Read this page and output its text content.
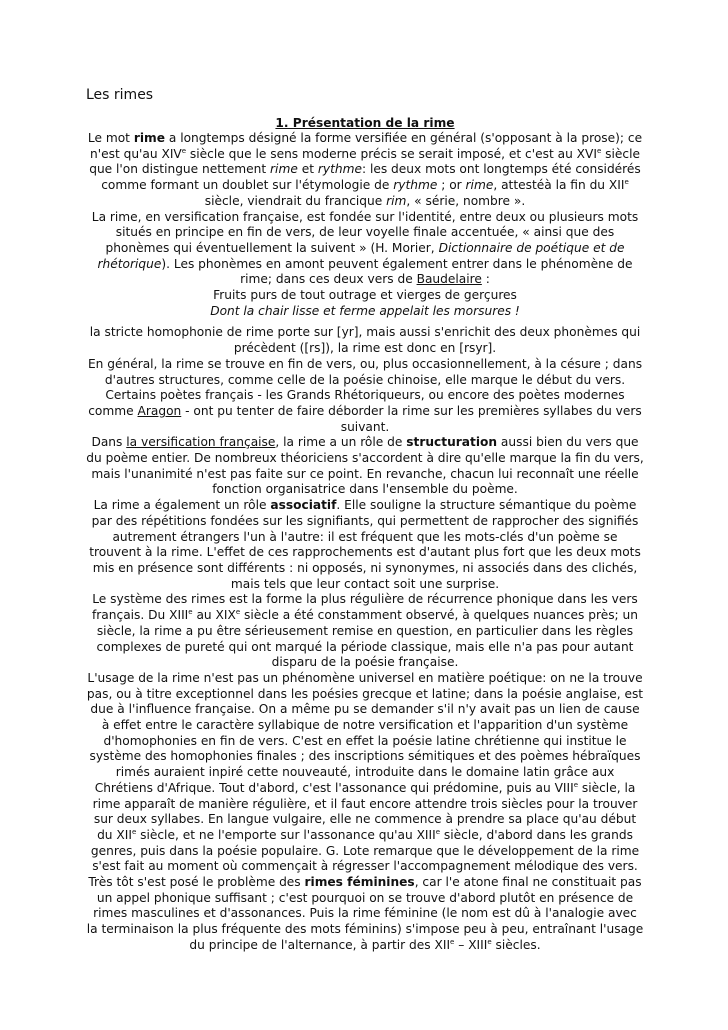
Les rimes
1. Présentation de la rime

Le mot rime a longtemps désigné la forme versifiée en général (s'opposant à la prose); ce n'est qu'au XIVe siècle que le sens moderne précis se serait imposé, et c'est au XVIe siècle que l'on distingue nettement rime et rythme: les deux mots ont longtemps été considérés comme formant un doublet sur l'étymologie de rythme ; or rime, attestéà la fin du XIIe siècle, viendrait du francique rim, « série, nombre ».

La rime, en versification française, est fondée sur l'identité, entre deux ou plusieurs mots situés en principe en fin de vers, de leur voyelle finale accentuée, « ainsi que des phonèmes qui éventuellement la suivent » (H. Morier, Dictionnaire de poétique et de rhétorique). Les phonèmes en amont peuvent également entrer dans le phénomène de rime; dans ces deux vers de Baudelaire :

Fruits purs de tout outrage et vierges de gerçures
Dont la chair lisse et ferme appelait les morsures !

la stricte homophonie de rime porte sur [yr], mais aussi s'enrichit des deux phonèmes qui précèdent ([rs]), la rime est donc en [rsyr].

En général, la rime se trouve en fin de vers, ou, plus occasionnellement, à la césure ; dans d'autres structures, comme celle de la poésie chinoise, elle marque le début du vers. Certains poètes français - les Grands Rhétoriqueurs, ou encore des poètes modernes comme Aragon - ont pu tenter de faire déborder la rime sur les premières syllabes du vers suivant.

Dans la versification française, la rime a un rôle de structuration aussi bien du vers que du poème entier. De nombreux théoriciens s'accordent à dire qu'elle marque la fin du vers, mais l'unanimité n'est pas faite sur ce point. En revanche, chacun lui reconnaît une réelle fonction organisatrice dans l'ensemble du poème.

La rime a également un rôle associatif. Elle souligne la structure sémantique du poème par des répétitions fondées sur les signifiants, qui permettent de rapprocher des signifiés autrement étrangers l'un à l'autre: il est fréquent que les mots-clés d'un poème se trouvent à la rime. L'effet de ces rapprochements est d'autant plus fort que les deux mots mis en présence sont différents : ni opposés, ni synonymes, ni associés dans des clichés, mais tels que leur contact soit une surprise.

Le système des rimes est la forme la plus régulière de récurrence phonique dans les vers français. Du XIIIe au XIXe siècle a été constamment observé, à quelques nuances près; un siècle, la rime a pu être sérieusement remise en question, en particulier dans les règles complexes de pureté qui ont marqué la période classique, mais elle n'a pas pour autant disparu de la poésie française.

L'usage de la rime n'est pas un phénomène universel en matière poétique: on ne la trouve pas, ou à titre exceptionnel dans les poésies grecque et latine; dans la poésie anglaise, est due à l'influence française. On a même pu se demander s'il n'y avait pas un lien de cause à effet entre le caractère syllabique de notre versification et l'apparition d'un système d'homophonies en fin de vers. C'est en effet la poésie latine chrétienne qui institue le système des homophonies finales ; des inscriptions sémitiques et des poèmes hébraïques rimés auraient inpiré cette nouveauté, introduite dans le domaine latin grâce aux Chrétiens d'Afrique. Tout d'abord, c'est l'assonance qui prédomine, puis au VIIIe siècle, la rime apparaît de manière régulière, et il faut encore attendre trois siècles pour la trouver sur deux syllabes. En langue vulgaire, elle ne commence à prendre sa place qu'au début du XIIe siècle, et ne l'emporte sur l'assonance qu'au XIIIe siècle, d'abord dans les grands genres, puis dans la poésie populaire. G. Lote remarque que le développement de la rime s'est fait au moment où commençait à régresser l'accompagnement mélodique des vers.

Très tôt s'est posé le problème des rimes féminines, car l'e atone final ne constituait pas un appel phonique suffisant ; c'est pourquoi on se trouve d'abord plutôt en présence de rimes masculines et d'assonances. Puis la rime féminine (le nom est dû à l'analogie avec la terminaison la plus fréquente des mots féminins) s'impose peu à peu, entraînant l'usage du principe de l'alternance, à partir des XIIe – XIIIe siècles.
